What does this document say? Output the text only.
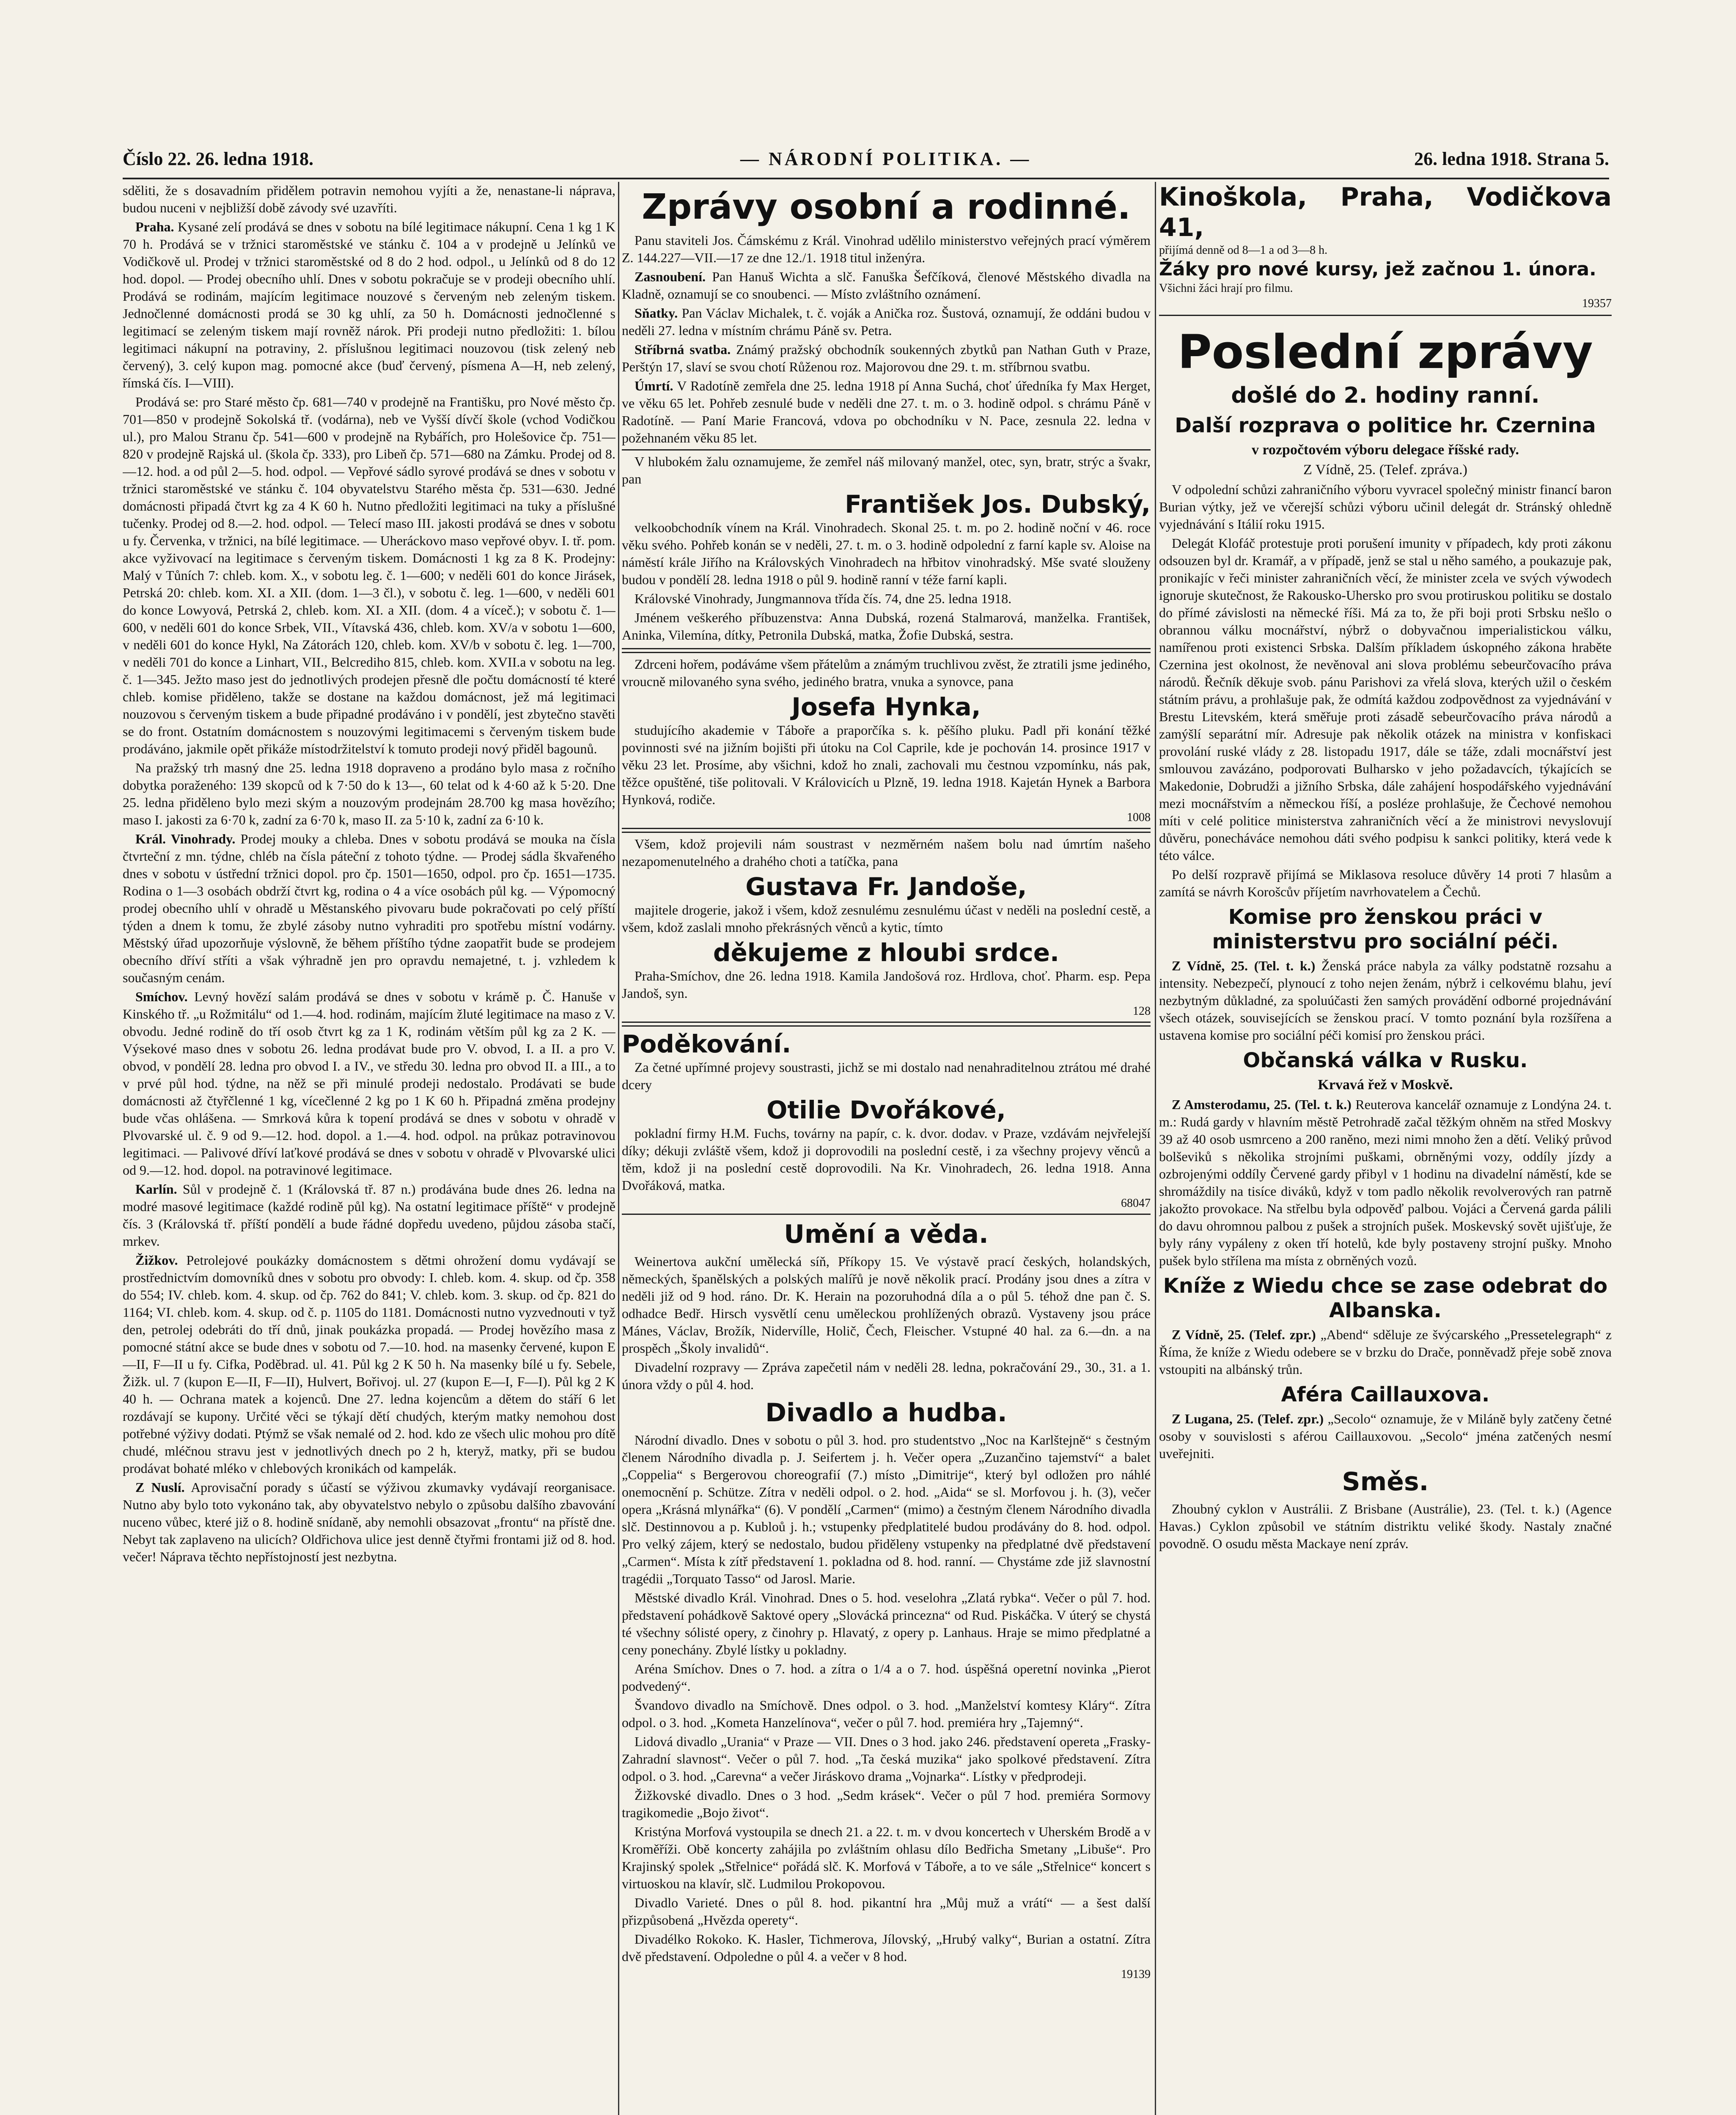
Číslo 22. 26. ledna 1918.	— NÁRODNÍ POLITIKA. —	26. ledna 1918. Strana 5.

sděliti, že s dosavadním přidělem potravin nemohou vyjíti a že, nenastane-li náprava, budou nuceni v nejbližší době závody své uzavříti.

Praha. Kysané zelí prodává se dnes v sobotu na bílé legitimace nákupní. Cena 1 kg 1 K 70 h. Prodává se v tržnici staroměstské ve stánku č. 104 a v prodejně u Jelínků ve Vodičkově ul. Prodej v tržnici staroměstské od 8 do 2 hod. odpol., u Jelínků od 8 do 12 hod. dopol. — Prodej obecního uhlí. Dnes v sobotu pokračuje se v prodeji obecního uhlí. Prodává se rodinám, majícím legitimace nouzové s červeným neb zeleným tiskem. Jednočlenné domácnosti prodá se 30 kg uhlí, za 50 h. Domácnosti jednočlenné s legitimací se zeleným tiskem mají rovněž nárok. Při prodeji nutno předložiti: 1. bílou legitimaci nákupní na potraviny, 2. příslušnou legitimaci nouzovou (tisk zelený neb červený), 3. celý kupon mag. pomocné akce (buď červený, písmena A—H, neb zelený, římská čís. I—VIII).

Prodává se: pro Staré město čp. 681—740 v prodejně na Františku, pro Nové město čp. 701—850 v prodejně Sokolská tř. (vodárna), neb ve Vyšší dívčí škole (vchod Vodičkou ul.), pro Malou Stranu čp. 541—600 v prodejně na Rybářích, pro Holešovice čp. 751—820 v prodejně Rajská ul. (škola čp. 333), pro Libeň čp. 571—680 na Zámku. Prodej od 8.—12. hod. a od půl 2—5. hod. odpol. — Vepřové sádlo syrové prodává se dnes v sobotu v tržnici staroměstské ve stánku č. 104 obyvatelstvu Starého města čp. 531—630. Jedné domácnosti připadá čtvrt kg za 4 K 60 h. Nutno předložiti legitimaci na tuky a příslušné tučenky. Prodej od 8.—2. hod. odpol. — Telecí maso III. jakosti prodává se dnes v sobotu u fy. Červenka, v tržnici, na bílé legitimace. — Uheráckovo maso vepřové obyv. I. tř. pom. akce vyživovací na legitimace s červeným tiskem. Domácnosti 1 kg za 8 K. Prodejny: Malý v Tůních 7: chleb. kom. X., v sobotu leg. č. 1—600; v neděli 601 do konce Jirásek, Petrská 20: chleb. kom. XI. a XII. (dom. 1—3 čl.), v sobotu č. leg. 1—600, v neděli 601 do konce Lowyová, Petrská 2, chleb. kom. XI. a XII. (dom. 4 a víceč.); v sobotu č. 1—600, v neděli 601 do konce Srbek, VII., Vítavská 436, chleb. kom. XV/a v sobotu 1—600, v neděli 601 do konce Hykl, Na Zátorách 120, chleb. kom. XV/b v sobotu č. leg. 1—700, v neděli 701 do konce a Linhart, VII., Belcrediho 815, chleb. kom. XVII.a v sobotu na leg. č. 1—345. Ježto maso jest do jednotlivých prodejen přesně dle počtu domácností té které chleb. komise přiděleno, takže se dostane na každou domácnost, jež má legitimaci nouzovou s červeným tiskem a bude připadné prodáváno i v pondělí, jest zbytečno stavěti se do front. Ostatním domácnostem s nouzovými legitimacemi s červeným tiskem bude prodáváno, jakmile opět přikáže místodržitelství k tomuto prodeji nový přiděl bagounů.

Na pražský trh masný dne 25. ledna 1918 dopraveno a prodáno bylo masa z ročního dobytka poraženého: 139 skopců od k 7·50 do k 13—, 60 telat od k 4·60 až k 5·20. Dne 25. ledna přiděleno bylo mezi ským a nouzovým prodejnám 28.700 kg masa hovězího; maso I. jakosti za 6·70 k, zadní za 6·70 k, maso II. za 5·10 k, zadní za 6·10 k.

Král. Vinohrady. Prodej mouky a chleba. Dnes v sobotu prodává se mouka na čísla čtvrteční z mn. týdne, chléb na čísla páteční z tohoto týdne. — Prodej sádla škvařeného dnes v sobotu v ústřední tržnici dopol. pro čp. 1501—1650, odpol. pro čp. 1651—1735. Rodina o 1—3 osobách obdrží čtvrt kg, rodina o 4 a více osobách půl kg. — Výpomocný prodej obecního uhlí v ohradě u Městanského pivovaru bude pokračovati po celý příští týden a dnem k tomu, že zbylé zásoby nutno vyhraditi pro spotřebu místní vodárny. Městský úřad upozorňuje výslovně, že během příštího týdne zaopatřit bude se prodejem obecního dříví stříti a však výhradně jen pro opravdu nemajetné, t. j. vzhledem k současným cenám.

Smíchov. Levný hovězí salám prodává se dnes v sobotu v krámě p. Č. Hanuše v Kinského tř. „u Rožmitálu“ od 1.—4. hod. rodinám, majícím žluté legitimace na maso z V. obvodu. Jedné rodině do tří osob čtvrt kg za 1 K, rodinám větším půl kg za 2 K. — Výsekové maso dnes v sobotu 26. ledna prodávat bude pro V. obvod, I. a II. a pro V. obvod, v pondělí 28. ledna pro obvod I. a IV., ve středu 30. ledna pro obvod II. a III., a to v prvé půl hod. týdne, na něž se při minulé prodeji nedostalo. Prodávati se bude domácnosti až čtyřčlenné 1 kg, vícečlenné 2 kg po 1 K 60 h. Připadná změna prodejny bude včas ohlášena. — Smrková kůra k topení prodává se dnes v sobotu v ohradě v Plvovarské ul. č. 9 od 9.—12. hod. dopol. a 1.—4. hod. odpol. na průkaz potravinovou legitimaci. — Palivové dříví laťkové prodává se dnes v sobotu v ohradě v Plvovarské ulici od 9.—12. hod. dopol. na potravinové legitimace.

Karlín. Sůl v prodejně č. 1 (Královská tř. 87 n.) prodávána bude dnes 26. ledna na modré masové legitimace (každé rodině půl kg). Na ostatní legitimace příště“ v prodejně čís. 3 (Královská tř. příští pondělí a bude řádné dopředu uvedeno, půjdou zásoba stačí, mrkev.

Žižkov. Petrolejové poukázky domácnostem s dětmi ohrožení domu vydávají se prostřednictvím domovníků dnes v sobotu pro obvody: I. chleb. kom. 4. skup. od čp. 358 do 554; IV. chleb. kom. 4. skup. od čp. 762 do 841; V. chleb. kom. 3. skup. od čp. 821 do 1164; VI. chleb. kom. 4. skup. od č. p. 1105 do 1181. Domácnosti nutno vyzvednouti v tyž den, petrolej odebráti do tří dnů, jinak poukázka propadá. — Prodej hovězího masa z pomocné státní akce se bude dnes v sobotu od 7.—10. hod. na masenky červené, kupon E—II, F—II u fy. Cifka, Poděbrad. ul. 41. Půl kg 2 K 50 h. Na masenky bílé u fy. Sebele, Žižk. ul. 7 (kupon E—II, F—II), Hulvert, Bořivoj. ul. 27 (kupon E—I, F—I). Půl kg 2 K 40 h. — Ochrana matek a kojenců. Dne 27. ledna kojencům a dětem do stáří 6 let rozdávají se kupony. Určité věci se týkají dětí chudých, kterým matky nemohou dost potřebné výživy dodati. Ptýmž se však nemalé od 2. hod. kdo ze všech ulic mohou pro dítě chudé, mléčnou stravu jest v jednotlivých dnech po 2 h, kteryž, matky, při se budou prodávat bohaté mléko v chlebových kronikách od kampelák.

Z Nuslí. Aprovisační porady s účastí se výživou zkumavky vydávají reorganisace. Nutno aby bylo toto vykonáno tak, aby obyvatelstvo nebylo o způsobu dalšího zbavování nuceno vůbec, které již o 8. hodině snídaně, aby nemohli obsazovat „frontu“ na přístě dne. Nebyt tak zaplaveno na ulicích? Oldřichova ulice jest denně čtyřmi frontami již od 8. hod. večer! Náprava těchto nepřístojností jest nezbytna.

Zprávy osobní a rodinné.

Panu staviteli Jos. Čámskému z Král. Vinohrad udělilo ministerstvo veřejných prací výměrem Z. 144.227—VII.—17 ze dne 12./1. 1918 titul inženýra.

Zasnoubení. Pan Hanuš Wichta a slč. Fanuška Šefčíková, členové Městského divadla na Kladně, oznamují se co snoubenci. — Místo zvláštního oznámení.

Sňatky. Pan Václav Michalek, t. č. voják a Anička roz. Šustová, oznamují, že oddáni budou v neděli 27. ledna v místním chrámu Páně sv. Petra.

Stříbrná svatba. Známý pražský obchodník soukenných zbytků pan Nathan Guth v Praze, Perštýn 17, slaví se svou chotí Růženou roz. Majorovou dne 29. t. m. stříbrnou svatbu.

Úmrtí. V Radotíně zemřela dne 25. ledna 1918 pí Anna Suchá, choť úředníka fy Max Herget, ve věku 65 let. Pohřeb zesnulé bude v neděli dne 27. t. m. o 3. hodině odpol. s chrámu Páně v Radotíně. — Paní Marie Francová, vdova po obchodníku v N. Pace, zesnula 22. ledna v požehnaném věku 85 let.

V hlubokém žalu oznamujeme, že zemřel náš milovaný manžel, otec, syn, bratr, strýc a švakr, pan

František Jos. Dubský,

velkoobchodník vínem na Král. Vinohradech. Skonal 25. t. m. po 2. hodině noční v 46. roce věku svého. Pohřeb konán se v neděli, 27. t. m. o 3. hodině odpolední z farní kaple sv. Aloise na náměstí krále Jiřího na Královských Vinohradech na hřbitov vinohradský. Mše svaté slouženy budou v pondělí 28. ledna 1918 o půl 9. hodině ranní v téže farní kapli.

Královské Vinohrady, Jungmannova třída čís. 74, dne 25. ledna 1918.

Jménem veškerého příbuzenstva: Anna Dubská, rozená Stalmarová, manželka. František, Aninka, Vilemína, dítky, Petronila Dubská, matka, Žofie Dubská, sestra.

Zdrceni hořem, podáváme všem přátelům a známým truchlivou zvěst, že ztratili jsme jediného, vroucně milovaného syna svého, jediného bratra, vnuka a synovce, pana

Josefa Hynka,

studujícího akademie v Táboře a praporčíka s. k. pěšího pluku. Padl při konání těžké povinnosti své na jižním bojišti při útoku na Col Caprile, kde je pochován 14. prosince 1917 v věku 23 let. Prosíme, aby všichni, kdož ho znali, zachovali mu čestnou vzpomínku, nás pak, těžce opuštěné, tiše politovali. V Královicích u Plzně, 19. ledna 1918. Kajetán Hynek a Barbora Hynková, rodiče.

1008

Všem, kdož projevili nám soustrast v nezměrném našem bolu nad úmrtím našeho nezapomenutelného a drahého choti a tatíčka, pana

Gustava Fr. Jandoše,

majitele drogerie, jakož i všem, kdož zesnulému zesnulému účast v neděli na poslední cestě, a všem, kdož zaslali mnoho překrásných věnců a kytic, tímto

děkujeme z hloubi srdce.

Praha-Smíchov, dne 26. ledna 1918. Kamila Jandošová roz. Hrdlova, choť. Pharm. esp. Pepa Jandoš, syn.

128
Poděkování.

Za četné upřímné projevy soustrasti, jichž se mi dostalo nad nenahraditelnou ztrátou mé drahé dcery

Otilie Dvořákové,

pokladní firmy H.M. Fuchs, továrny na papír, c. k. dvor. dodav. v Praze, vzdávám nejvřelejší díky; dékuji zvláště všem, kdož ji doprovodili na poslední cestě, i za všechny projevy věnců a těm, kdož ji na poslední cestě doprovodili. Na Kr. Vinohradech, 26. ledna 1918. Anna Dvořáková, matka.

68047
Umění a věda.

Weinertova aukční umělecká síň, Příkopy 15. Ve výstavě prací českých, holandských, německých, španělských a polských malířů je nově několik prací. Prodány jsou dnes a zítra v neděli již od 9 hod. ráno. Dr. K. Herain na pozoruhodná díla a o půl 5. téhož dne pan č. S. odhadce Bedř. Hirsch vysvětlí cenu uměleckou prohlížených obrazů. Vystaveny jsou práce Mánes, Václav, Brožík, Nidervílle, Holič, Čech, Fleischer. Vstupné 40 hal. za 6.—dn. a na prospěch „Školy invalidů“.

Divadelní rozpravy — Zpráva zapečetil nám v neděli 28. ledna, pokračování 29., 30., 31. a 1. února vždy o půl 4. hod.

Divadlo a hudba.

Národní divadlo. Dnes v sobotu o půl 3. hod. pro studentstvo „Noc na Karlštejně“ s čestným členem Národního divadla p. J. Seifertem j. h. Večer opera „Zuzančino tajemství“ a balet „Coppelia“ s Bergerovou choreografií (7.) místo „Dimitrije“, který byl odložen pro náhlé onemocnění p. Schütze. Zítra v neděli odpol. o 2. hod. „Aida“ se sl. Morfovou j. h. (3), večer opera „Krásná mlynářka“ (6). V pondělí „Carmen“ (mimo) a čestným členem Národního divadla slč. Destinnovou a p. Kubloů j. h.; vstupenky předplatitelé budou prodávány do 8. hod. odpol. Pro velký zájem, který se nedostalo, budou přiděleny vstupenky na předplatné dvě představení „Carmen“. Místa k zítř představení 1. pokladna od 8. hod. ranní. — Chystáme zde již slavnostní tragédii „Torquato Tasso“ od Jarosl. Marie.

Městské divadlo Král. Vinohrad. Dnes o 5. hod. veselohra „Zlatá rybka“. Večer o půl 7. hod. představení pohádkově Saktové opery „Slovácká princezna“ od Rud. Piskáčka. V úterý se chystá té všechny sólisté opery, z činohry p. Hlavatý, z opery p. Lanhaus. Hraje se mimo předplatné a ceny ponechány. Zbylé lístky u pokladny.

Aréna Smíchov. Dnes o 7. hod. a zítra o 1/4 a o 7. hod. úspěšná operetní novinka „Pierot podvedený“.

Švandovo divadlo na Smíchově. Dnes odpol. o 3. hod. „Manželství komtesy Kláry“. Zítra odpol. o 3. hod. „Kometa Hanzelínova“, večer o půl 7. hod. premiéra hry „Tajemný“.

Lidová divadlo „Urania“ v Praze — VII. Dnes o 3 hod. jako 246. představení opereta „Frasky-Zahradní slavnost“. Večer o půl 7. hod. „Ta česká muzika“ jako spolkové představení. Zítra odpol. o 3. hod. „Carevna“ a večer Jiráskovo drama „Vojnarka“. Lístky v předprodeji.

Žižkovské divadlo. Dnes o 3 hod. „Sedm krásek“. Večer o půl 7 hod. premiéra Sormovy tragikomedie „Bojo život“.

Kristýna Morfová vystoupila se dnech 21. a 22. t. m. v dvou koncertech v Uherském Brodě a v Kroměříži. Obě koncerty zahájila po zvláštním ohlasu dílo Bedřicha Smetany „Libuše“. Pro Krajinský spolek „Střelnice“ pořádá slč. K. Morfová v Táboře, a to ve sále „Střelnice“ koncert s virtuoskou na klavír, slč. Ludmilou Prokopovou.

Divadlo Varieté. Dnes o půl 8. hod. pikantní hra „Můj muž a vrátí“ — a šest další přizpůsobená „Hvězda operety“.

Divadélko Rokoko. K. Hasler, Tichmerova, Jílovský, „Hrubý valky“, Burian a ostatní. Zítra dvě představení. Odpoledne o půl 4. a večer v 8 hod.

19139
Kinoškola, Praha, Vodičkova 41,
přijímá denně od 8—1 a od 3—8 h.
Žáky pro nové kursy, jež začnou 1. února.
Všichni žáci hrají pro filmu.
19357
Poslední zprávy
došlé do 2. hodiny ranní.
Další rozprava o politice hr. Czernina
v rozpočtovém výboru delegace říšské rady.
Z Vídně, 25. (Telef. zpráva.)

V odpolední schůzi zahraničního výboru vyvracel společný ministr financí baron Burian výtky, jež ve včerejší schůzi výboru učinil delegát dr. Stránský ohledně vyjednávání s Itálií roku 1915.

Delegát Klofáč protestuje proti porušení imunity v případech, kdy proti zákonu odsouzen byl dr. Kramář, a v případě, jenž se stal u něho samého, a poukazuje pak, pronikajíc v řeči minister zahraničních věcí, že minister zcela ve svých výwodech ignoruje skutečnost, že Rakousko-Uhersko pro svou protiruskou politiku se dostalo do přímé závislosti na německé říši. Má za to, že při boji proti Srbsku nešlo o obrannou válku mocnářství, nýbrž o dobyvačnou imperialistickou válku, namířenou proti existenci Srbska. Dalším příkladem úskopného zákona hraběte Czernina jest okolnost, že nevěnoval ani slova problému sebeurčovacího práva národů. Řečník děkuje svob. pánu Parishovi za vřelá slova, kterých užil o českém státním právu, a prohlašuje pak, že odmítá každou zodpovědnost za vyjednávání v Brestu Litevském, která směřuje proti zásadě sebeurčovacího práva národů a zamýšlí separátní mír. Adresuje pak několik otázek na ministra v konfiskaci provolání ruské vlády z 28. listopadu 1917, dále se táže, zdali mocnářství jest smlouvou zavázáno, podporovati Bulharsko v jeho požadavcích, týkajících se Makedonie, Dobrudži a jižního Srbska, dále zahájení hospodářského vyjednávání mezi mocnářstvím a německou říší, a posléze prohlašuje, že Čechové nemohou míti v celé politice ministerstva zahraničních věcí a že ministrovi nevyslovují důvěru, ponecháváce nemohou dáti svého podpisu k sankci politiky, která vede k této válce.

Po delší rozpravě přijímá se Miklasova resoluce důvěry 14 proti 7 hlasům a zamítá se návrh Korošcův příjetím navrhovatelem a Čechů.

Komise pro ženskou práci v ministerstvu pro sociální péči.

Z Vídně, 25. (Tel. t. k.) Ženská práce nabyla za války podstatně rozsahu a intensity. Nebezpečí, plynoucí z toho nejen ženám, nýbrž i celkovému blahu, jeví nezbytným důkladné, za spoluúčasti žen samých provádění odborné projednávání všech otázek, souvisejících se ženskou prací. V tomto poznání byla rozšířena a ustavena komise pro sociální péči komisí pro ženskou práci.

Občanská válka v Rusku.
Krvavá řež v Moskvě.

Z Amsterodamu, 25. (Tel. t. k.) Reuterova kancelář oznamuje z Londýna 24. t. m.: Rudá gardy v hlavním městě Petrohradě začal těžkým ohněm na střed Moskvy 39 až 40 osob usmrceno a 200 raněno, mezi nimi mnoho žen a dětí. Veliký průvod bolševiků s několika strojními puškami, obrněnými vozy, oddíly jízdy a ozbrojenými oddíly Červené gardy přibyl v 1 hodinu na divadelní náměstí, kde se shromáždily na tisíce diváků, když v tom padlo několik revolverových ran patrně jakožto provokace. Na střelbu byla odpověď palbou. Vojáci a Červená garda pálili do davu ohromnou palbou z pušek a strojních pušek. Moskevský sovět ujišťuje, že byly rány vypáleny z oken tří hotelů, kde byly postaveny strojní pušky. Mnoho pušek bylo střílena ma místa z obrněných vozů.

Kníže z Wiedu chce se zase odebrat do Albanska.

Z Vídně, 25. (Telef. zpr.) „Abend“ sděluje ze švýcarského „Pressetelegraph“ z Říma, že kníže z Wiedu odebere se v brzku do Drače, ponněvadž přeje sobě znova vstoupiti na albánský trůn.

Aféra Caillauxova.

Z Lugana, 25. (Telef. zpr.) „Secolo“ oznamuje, že v Miláně byly zatčeny četné osoby v souvislosti s aférou Caillauxovou. „Secolo“ jména zatčených nesmí uveřejniti.

Směs.

Zhoubný cyklon v Austrálii. Z Brisbane (Austrálie), 23. (Tel. t. k.) (Agence Havas.) Cyklon způsobil ve státním distriktu veliké škody. Nastaly značné povodně. O osudu města Mackaye není zpráv.
